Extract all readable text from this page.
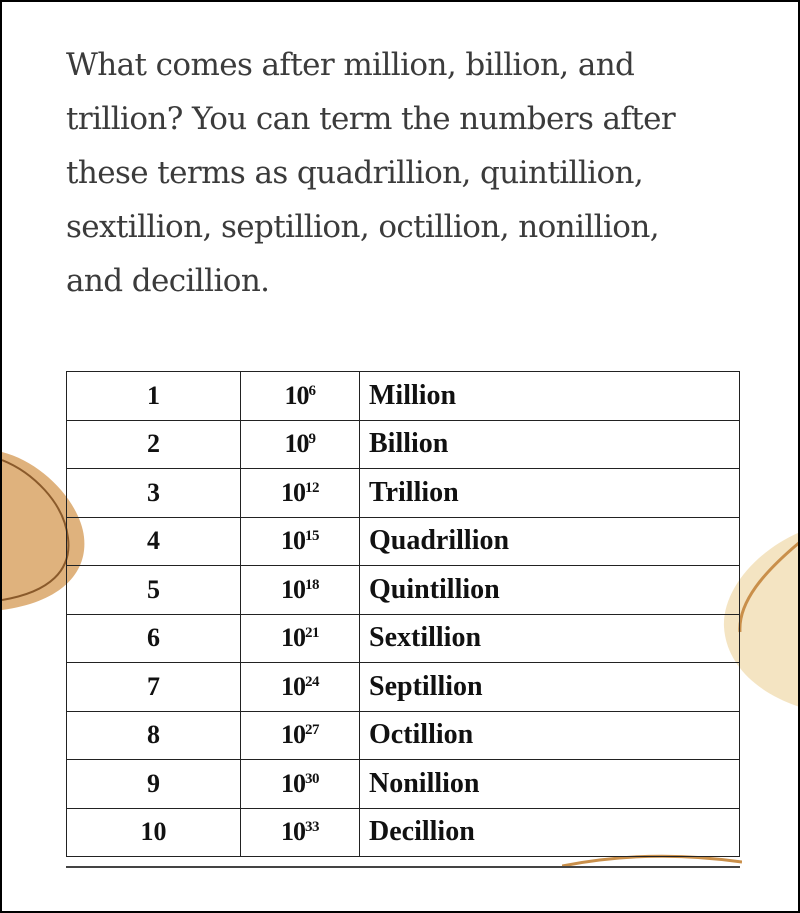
What comes after million, billion, and
trillion? You can term the numbers after
these terms as quadrillion, quintillion,
sextillion, septillion, octillion, nonillion,
and decillion.

1	$10^6$	Million
2	$10^9$	Billion
3	$10^{12}$	Trillion
4	$10^{15}$	Quadrillion
5	$10^{18}$	Quintillion
6	$10^{21}$	Sextillion
7	$10^{24}$	Septillion
8	$10^{27}$	Octillion
9	$10^{30}$	Nonillion
10	$10^{33}$	Decillion
